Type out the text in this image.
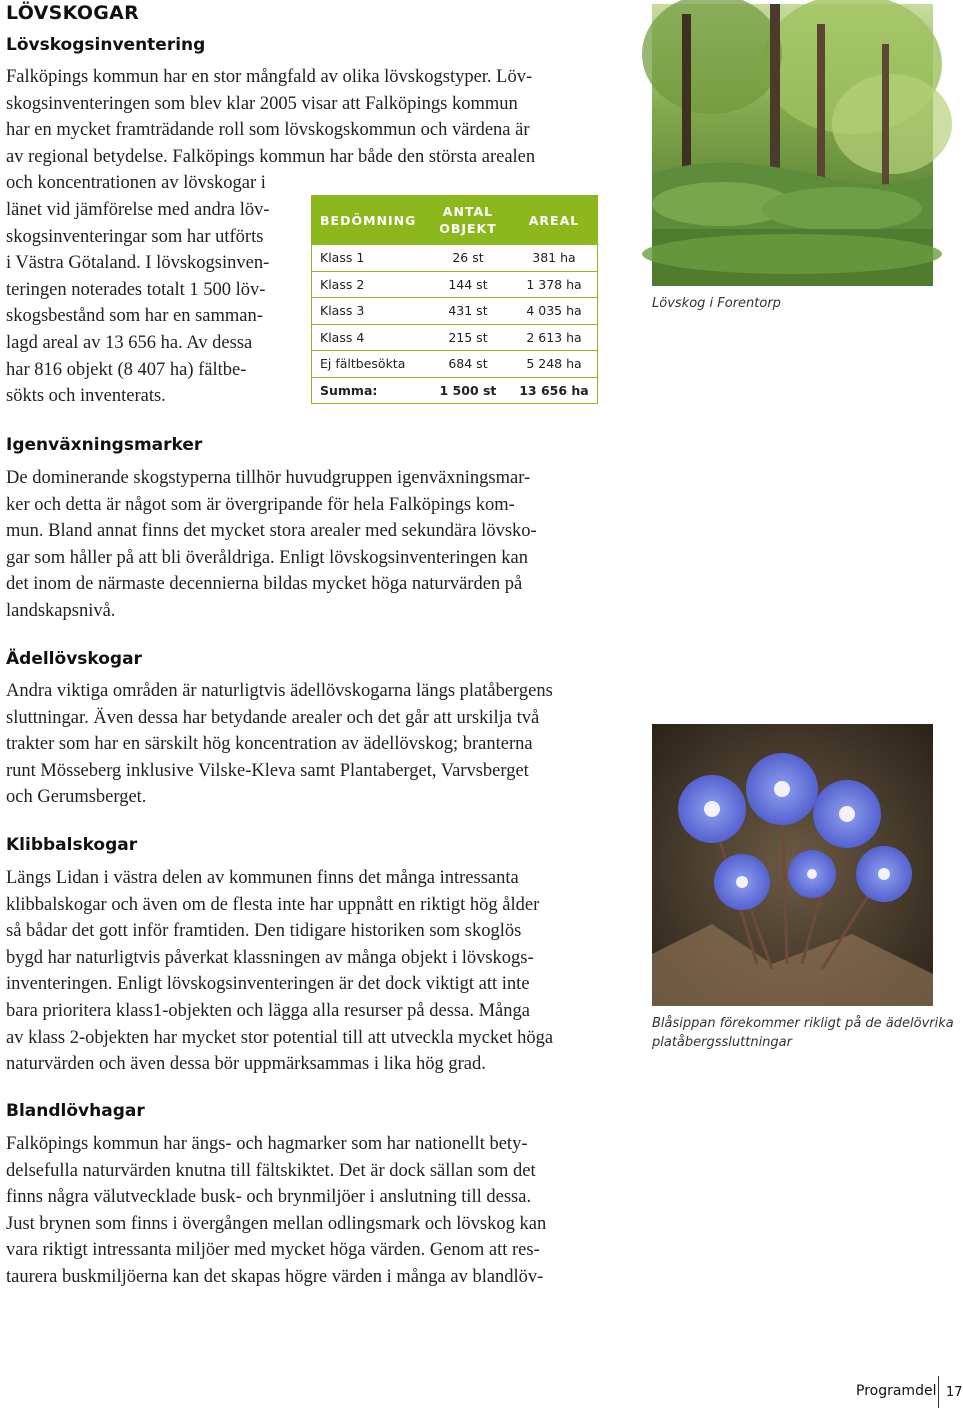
LÖVSKOGAR
Lövskogsinventering

Falköpings kommun har en stor mångfald av olika lövskogstyper. Löv-

skogsinventeringen som blev klar 2005 visar att Falköpings kommun

har en mycket framträdande roll som lövskogskommun och värdena är

av regional betydelse. Falköpings kommun har både den största arealen

och koncentrationen av lövskogar i

länet vid jämförelse med andra löv-

skogsinventeringar som har utförts

i Västra Götaland. I lövskogsinven-

teringen noterades totalt 1 500 löv-

skogsbestånd som har en samman-

lagd areal av 13 656 ha. Av dessa

har 816 objekt (8 407 ha) fältbe-

sökts och inventerats.

BEDÖMNING	ANTAL OBJEKT	AREAL
Klass 1	26 st	381 ha
Klass 2	144 st	1 378 ha
Klass 3	431 st	4 035 ha
Klass 4	215 st	2 613 ha
Ej fältbesökta	684 st	5 248 ha
Summa:	1 500 st	13 656 ha
Lövskog i Forentorp
Igenväxningsmarker

De dominerande skogstyperna tillhör huvudgruppen igenväxningsmar-

ker och detta är något som är övergripande för hela Falköpings kom-

mun. Bland annat finns det mycket stora arealer med sekundära lövsko-

gar som håller på att bli överåldriga. Enligt lövskogsinventeringen kan

det inom de närmaste decennierna bildas mycket höga naturvärden på

landskapsnivå.

Ädellövskogar

Andra viktiga områden är naturligtvis ädellövskogarna längs platåbergens

sluttningar. Även dessa har betydande arealer och det går att urskilja två

trakter som har en särskilt hög koncentration av ädellövskog; branterna

runt Mösseberg inklusive Vilske-Kleva samt Plantaberget, Varvsberget

och Gerumsberget.

Blåsippan förekommer rikligt på de ädelövrika
platåbergssluttningar
Klibbalskogar

Längs Lidan i västra delen av kommunen finns det många intressanta

klibbalskogar och även om de flesta inte har uppnått en riktigt hög ålder

så bådar det gott inför framtiden. Den tidigare historiken som skoglös

bygd har naturligtvis påverkat klassningen av många objekt i lövskogs-

inventeringen. Enligt lövskogsinventeringen är det dock viktigt att inte

bara prioritera klass1-objekten och lägga alla resurser på dessa. Många

av klass 2-objekten har mycket stor potential till att utveckla mycket höga

naturvärden och även dessa bör uppmärksammas i lika hög grad.

Blandlövhagar

Falköpings kommun har ängs- och hagmarker som har nationellt bety-

delsefulla naturvärden knutna till fältskiktet. Det är dock sällan som det

finns några välutvecklade busk- och brynmiljöer i anslutning till dessa.

Just brynen som finns i övergången mellan odlingsmark och lövskog kan

vara riktigt intressanta miljöer med mycket höga värden. Genom att res-

taurera buskmiljöerna kan det skapas högre värden i många av blandlöv-

Programdel 17
